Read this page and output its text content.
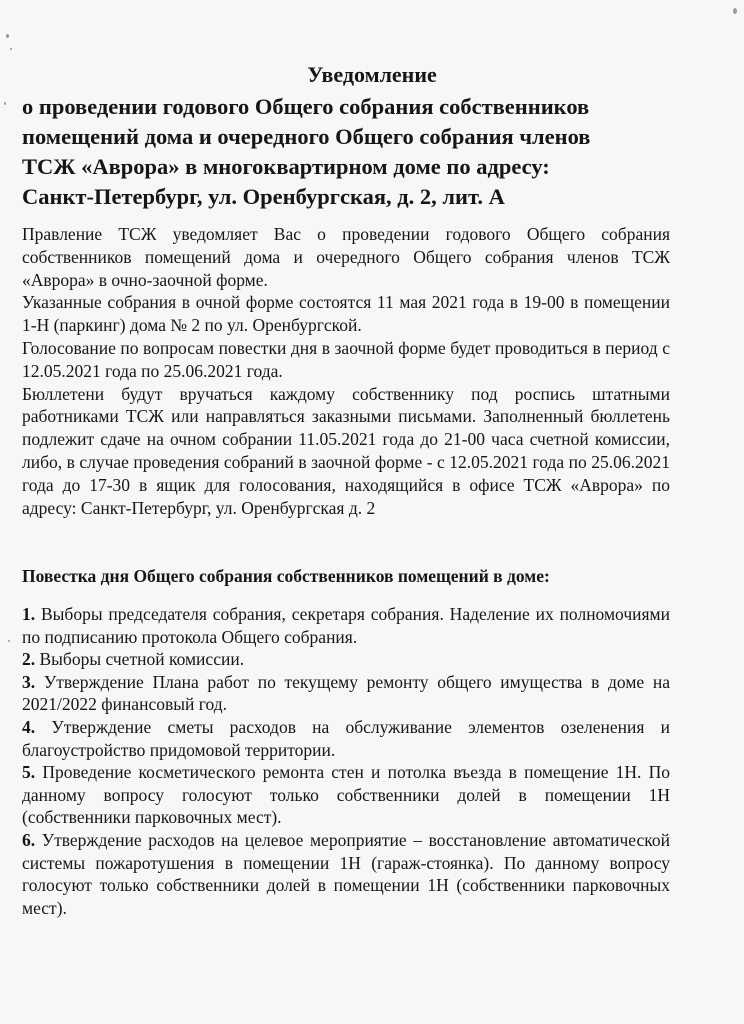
Уведомление
о проведении годового Общего собрания собственников
помещений дома и очередного Общего собрания членов
ТСЖ «Аврора» в многоквартирном доме по адресу:
Санкт-Петербург, ул. Оренбургская, д. 2, лит. А
Правление ТСЖ уведомляет Вас о проведении годового Общего собрания собственников помещений дома и очередного Общего собрания членов ТСЖ «Аврора» в очно-заочной форме.
Указанные собрания в очной форме состоятся 11 мая 2021 года в 19-00 в помещении 1-Н (паркинг) дома № 2 по ул. Оренбургской.
Голосование по вопросам повестки дня в заочной форме будет проводиться в период с 12.05.2021 года по 25.06.2021 года.
Бюллетени будут вручаться каждому собственнику под роспись штатными работниками ТСЖ или направляться заказными письмами. Заполненный бюллетень подлежит сдаче на очном собрании 11.05.2021 года до 21-00 часа счетной комиссии, либо, в случае проведения собраний в заочной форме - с 12.05.2021 года по 25.06.2021 года до 17-30 в ящик для голосования, находящийся в офисе ТСЖ «Аврора» по адресу: Санкт-Петербург, ул. Оренбургская д. 2
Повестка дня Общего собрания собственников помещений в доме:
1. Выборы председателя собрания, секретаря собрания. Наделение их полномочиями по подписанию протокола Общего собрания.
2. Выборы счетной комиссии.
3. Утверждение Плана работ по текущему ремонту общего имущества в доме на 2021/2022 финансовый год.
4. Утверждение сметы расходов на обслуживание элементов озеленения и благоустройство придомовой территории.
5. Проведение косметического ремонта стен и потолка въезда в помещение 1Н. По данному вопросу голосуют только собственники долей в помещении 1Н (собственники парковочных мест).
6. Утверждение расходов на целевое мероприятие – восстановление автоматической системы пожаротушения в помещении 1Н (гараж-стоянка). По данному вопросу голосуют только собственники долей в помещении 1Н (собственники парковочных мест).
